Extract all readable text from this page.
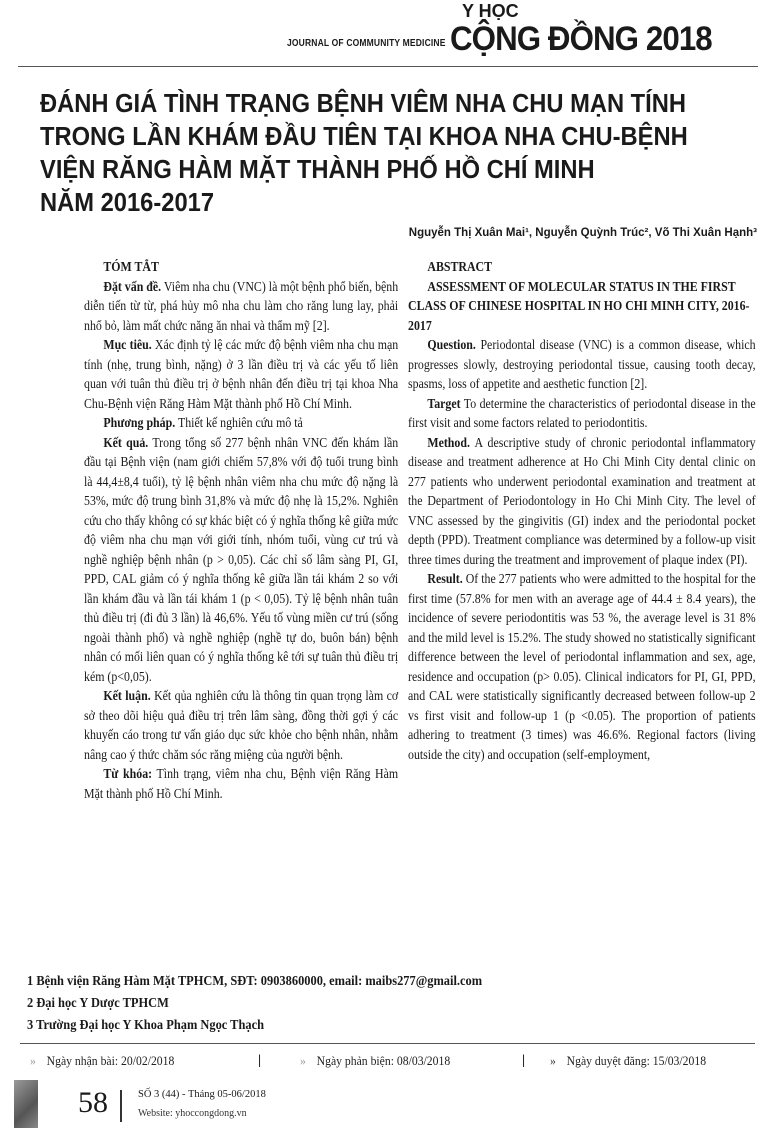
JOURNAL OF COMMUNITY MEDICINE
Y HỌC
CỘNG ĐỒNG 2018
ĐÁNH GIÁ TÌNH TRẠNG BỆNH VIÊM NHA CHU MẠN TÍNH
TRONG LẦN KHÁM ĐẦU TIÊN TẠI KHOA NHA CHU-BỆNH
VIỆN RĂNG HÀM MẶT THÀNH PHỐ HỒ CHÍ MINH
NĂM 2016-2017
Nguyễn Thị Xuân Mai¹, Nguyễn Quỳnh Trúc², Võ Thi Xuân Hạnh³

TÓM TẮT

Đặt vấn đề. Viêm nha chu (VNC) là một bệnh phổ biến, bệnh diễn tiến từ từ, phá hủy mô nha chu làm cho răng lung lay, phải nhổ bỏ, làm mất chức năng ăn nhai và thẩm mỹ [2].

Mục tiêu. Xác định tỷ lệ các mức độ bệnh viêm nha chu mạn tính (nhẹ, trung bình, nặng) ở 3 lần điều trị và các yếu tố liên quan với tuân thủ điều trị ở bệnh nhân đến điều trị tại khoa Nha Chu-Bệnh viện Răng Hàm Mặt thành phố Hồ Chí Minh.

Phương pháp. Thiết kế nghiên cứu mô tả

Kết quả. Trong tổng số 277 bệnh nhân VNC đến khám lần đầu tại Bệnh viện (nam giới chiếm 57,8% với độ tuổi trung bình là 44,4±8,4 tuổi), tỷ lệ bệnh nhân viêm nha chu mức độ nặng là 53%, mức độ trung bình 31,8% và mức độ nhẹ là 15,2%. Nghiên cứu cho thấy không có sự khác biệt có ý nghĩa thống kê giữa mức độ viêm nha chu mạn với giới tính, nhóm tuổi, vùng cư trú và nghề nghiệp bệnh nhân (p > 0,05). Các chỉ số lâm sàng PI, GI, PPD, CAL giảm có ý nghĩa thống kê giữa lần tái khám 2 so với lần khám đầu và lần tái khám 1 (p < 0,05). Tỷ lệ bệnh nhân tuân thủ điều trị (đi đủ 3 lần) là 46,6%. Yếu tố vùng miền cư trú (sống ngoài thành phố) và nghề nghiệp (nghề tự do, buôn bán) bệnh nhân có mối liên quan có ý nghĩa thống kê tới sự tuân thủ điều trị kém (p<0,05).

Kết luận. Kết qủa nghiên cứu là thông tin quan trọng làm cơ sở theo dõi hiệu quả điều trị trên lâm sàng, đồng thời gợi ý các khuyến cáo trong tư vấn giáo dục sức khỏe cho bệnh nhân, nhằm nâng cao ý thức chăm sóc răng miệng của người bệnh.

Từ khóa: Tình trạng, viêm nha chu, Bệnh viện Răng Hàm Mặt thành phố Hồ Chí Minh.

ABSTRACT

ASSESSMENT OF MOLECULAR STATUS IN THE FIRST CLASS OF CHINESE HOSPITAL IN HO CHI MINH CITY, 2016-2017

Question. Periodontal disease (VNC) is a common disease, which progresses slowly, destroying periodontal tissue, causing tooth decay, spasms, loss of appetite and aesthetic function [2].

Target To determine the characteristics of periodontal disease in the first visit and some factors related to periodontitis.

Method. A descriptive study of chronic periodontal inflammatory disease and treatment adherence at Ho Chi Minh City dental clinic on 277 patients who underwent periodontal examination and treatment at the Department of Periodontology in Ho Chi Minh City. The level of VNC assessed by the gingivitis (GI) index and the periodontal pocket depth (PPD). Treatment compliance was determined by a follow-up visit three times during the treatment and improvement of plaque index (PI).

Result. Of the 277 patients who were admitted to the hospital for the first time (57.8% for men with an average age of 44.4 ± 8.4 years), the incidence of severe periodontitis was 53 %, the average level is 31 8% and the mild level is 15.2%. The study showed no statistically significant difference between the level of periodontal inflammation and sex, age, residence and occupation (p> 0.05). Clinical indicators for PI, GI, PPD, and CAL were statistically significantly decreased between follow-up 2 vs first visit and follow-up 1 (p <0.05). The proportion of patients adhering to treatment (3 times) was 46.6%. Regional factors (living outside the city) and occupation (self-employment,

1 Bệnh viện Răng Hàm Mặt TPHCM, SĐT: 0903860000, email: maibs277@gmail.com
2 Đại học Y Dược TPHCM
3 Trường Đại học Y Khoa Phạm Ngọc Thạch
» Ngày nhận bài: 20/02/2018	|	» Ngày phản biện: 08/03/2018	| » Ngày duyệt đăng: 15/03/2018
58	SỐ 3 (44) - Tháng 05-06/2018
Website: yhoccongdong.vn
